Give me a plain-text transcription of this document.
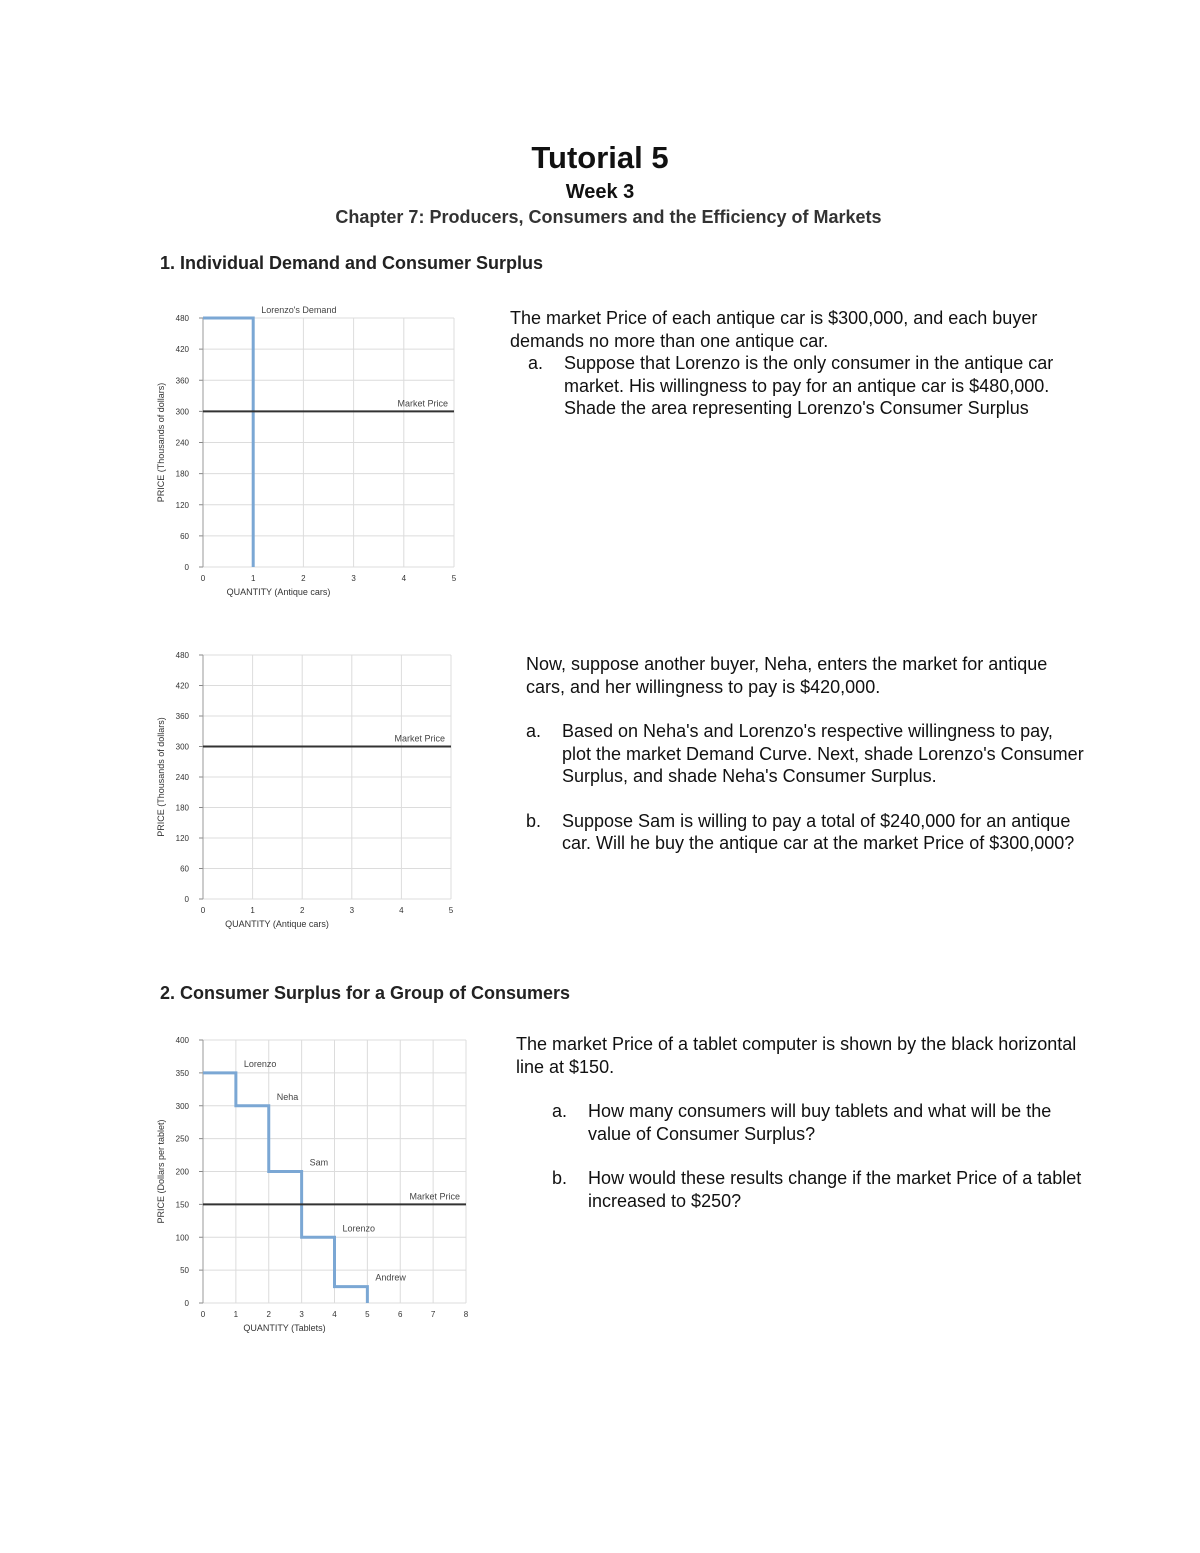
Tutorial 5
Week 3
Chapter 7: Producers, Consumers and the Efficiency of Markets
1. Individual Demand and Consumer Surplus
0
60
120
180
240
300
360
420
480
0	1	2	3	4	5
QUANTITY (Antique cars)
PRICE (Thousands of dollars)
Lorenzo's Demand
Market Price

The market Price of each antique car is $300,000, and each buyer demands no more than one antique car.

a. Suppose that Lorenzo is the only consumer in the antique car market. His willingness to pay for an antique car is $480,000. Shade the area representing Lorenzo's Consumer Surplus
0
60
120
180
240
300
360
420
480
0	1	2	3	4	5
QUANTITY (Antique cars)
PRICE (Thousands of dollars)	Market Price

Now, suppose another buyer, Neha, enters the market for antique cars, and her willingness to pay is $420,000.

a. Based on Neha's and Lorenzo's respective willingness to pay, plot the market Demand Curve. Next, shade Lorenzo's Consumer Surplus, and shade Neha's Consumer Surplus.
b. Suppose Sam is willing to pay a total of $240,000 for an antique car. Will he buy the antique car at the market Price of $300,000?
2. Consumer Surplus for a Group of Consumers
0
50
100
150
200
250
300
350
400
0	1	2	3	4	5	6	7	8
QUANTITY (Tablets)
PRICE (Dollars per tablet)
Lorenzo
Neha
Sam
Lorenzo
Andrew
Market Price

The market Price of a tablet computer is shown by the black horizontal line at $150.

a. How many consumers will buy tablets and what will be the value of Consumer Surplus?
b. How would these results change if the market Price of a tablet increased to $250?
